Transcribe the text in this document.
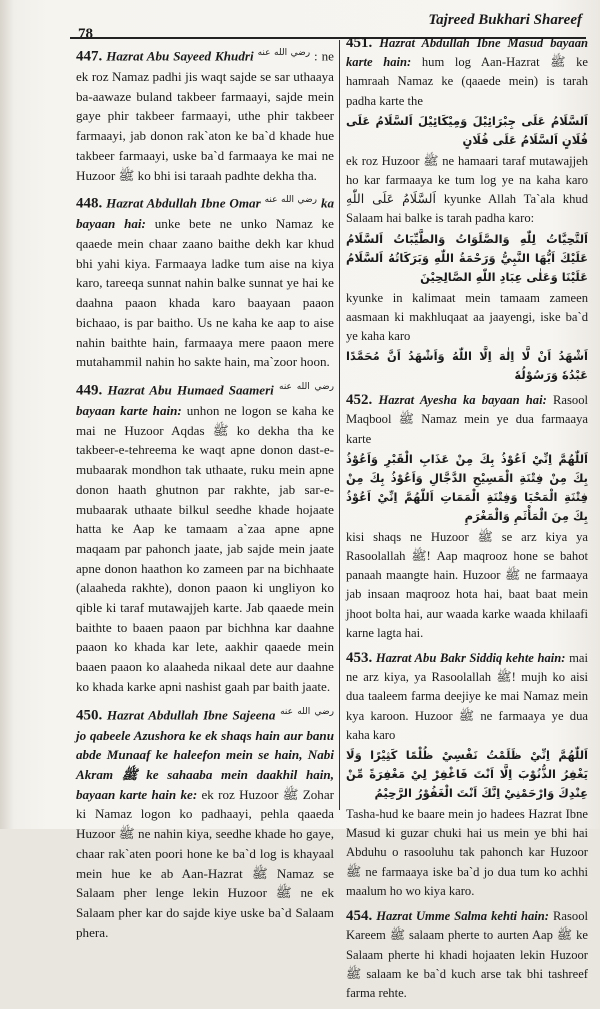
78
Tajreed Bukhari Shareef

447. Hazrat Abu Sayeed Khudri $^{رضي الله عنه}$ : ne ek roz Namaz padhi jis waqt sajde se sar uthaaya ba-aawaze buland takbeer farmaayi, sajde mein gaye phir takbeer farmaayi, uthe phir takbeer farmaayi, jab donon rak`aton ke ba`d khade hue takbeer farmaayi, uske ba`d farmaaya ke mai ne Huzoor ﷺ ko bhi isi taraah padhte dekha tha.

448. Hazrat Abdullah Ibne Omar $^{رضي الله عنه}$ ka bayaan hai: unke bete ne unko Namaz ke qaaede mein chaar zaano baithe dekh kar khud bhi yahi kiya. Farmaaya ladke tum aise na kiya karo, tareeqa sunnat nahin balke sunnat ye hai ke daahna paaon khada karo baayaan paaon bichaao, is par baitho. Us ne kaha ke aap to aise nahin baithte hain, farmaaya mere paaon mere mutahammil nahin ho sakte hain, ma`zoor hoon.

449. Hazrat Abu Humaed Saameri $^{رضي الله عنه}$ bayaan karte hain: unhon ne logon se kaha ke mai ne Huzoor Aqdas ﷺ ko dekha tha ke takbeer-e-tehreema ke waqt apne donon dast-e-mubaarak mondhon tak uthaate, ruku mein apne donon haath ghutnon par rakhte, jab sar-e-mubaarak uthaate bilkul seedhe khade hojaate hatta ke Aap ke tamaam a`zaa apne apne maqaam par pahonch jaate, jab sajde mein jaate apne donon haathon ko zameen par na bichhaate (alaaheda rakhte), donon paaon ki ungliyon ko qible ki taraf mutawajjeh karte. Jab qaaede mein baithte to baaen paaon par bichhna kar daahne paaon ko khada kar lete, aakhir qaaede mein baaen paaon ko alaaheda nikaal dete aur daahne ko khada karke apni nashist gaah par baith jaate.

450. Hazrat Abdullah Ibne Sajeena $^{رضي الله عنه}$ jo qabeele Azushora ke ek shaqs hain aur banu abde Munaaf ke haleefon mein se hain, Nabi Akram ﷺ ke sahaaba mein daakhil hain, bayaan karte hain ke: ek roz Huzoor ﷺ Zohar ki Namaz logon ko padhaayi, pehla qaaeda Huzoor ﷺ ne nahin kiya, seedhe khade ho gaye, chaar rak`aten poori hone ke ba`d log is khayaal mein hue ke ab Aan-Hazrat ﷺ Namaz se Salaam pher lenge lekin Huzoor ﷺ ne ek Salaam pher kar do sajde kiye uske ba`d Salaam phera.

451. Hazrat Abdullah Ibne Masud bayaan karte hain: hum log Aan-Hazrat ﷺ ke hamraah Namaz ke (qaaede mein) is tarah padha karte the

اَلسَّلَامُ عَلَى جِبْرَائِيْلَ وَمِيْكَائِيْلَ اَلسَّلَامُ عَلَى فُلَانٍ اَلسَّلَامُ عَلَى فُلَانٍ

ek roz Huzoor ﷺ ne hamaari taraf mutawajjeh ho kar farmaaya ke tum log ye na kaha karo اَلسَّلَامُ عَلَى اللّٰهِ kyunke Allah Ta`ala khud Salaam hai balke is tarah padha karo:

اَلتَّحِيَّاتُ لِلّٰهِ وَالصَّلَوَاتُ وَالطَّيِّبَاتُ اَلسَّلَامُ عَلَيْكَ اَيُّهَا النَّبِيُّ وَرَحْمَةُ اللّٰهِ وَبَرَكَاتُهُ اَلسَّلَامُ عَلَيْنَا وَعَلٰى عِبَادِ اللّٰهِ الصَّالِحِيْنَ

kyunke in kalimaat mein tamaam zameen aasmaan ki makhluqaat aa jaayengi, iske ba`d ye kaha karo

اَشْهَدُ اَنْ لَّا اِلٰهَ اِلَّا اللّٰهُ وَاَشْهَدُ اَنَّ مُحَمَّدًا عَبْدُهٗ وَرَسُوْلُهٗ

452. Hazrat Ayesha ka bayaan hai: Rasool Maqbool ﷺ Namaz mein ye dua farmaaya karte

اَللّٰهُمَّ اِنِّيْ اَعُوْذُ بِكَ مِنْ عَذَابِ الْقَبْرِ وَاَعُوْذُ بِكَ مِنْ فِتْنَةِ الْمَسِيْحِ الدَّجَّالِ وَاَعُوْذُ بِكَ مِنْ فِتْنَةِ الْمَحْيَا وَفِتْنَةِ الْمَمَاتِ اَللّٰهُمَّ اِنِّيْ اَعُوْذُ بِكَ مِنَ الْمَأْثَمِ وَالْمَغْرَمِ

kisi shaqs ne Huzoor ﷺ se arz kiya ya Rasoolallah ﷺ! Aap maqrooz hone se bahot panaah maangte hain. Huzoor ﷺ ne farmaaya jab insaan maqrooz hota hai, baat baat mein jhoot bolta hai, aur waada karke waada khilaafi karne lagta hai.

453. Hazrat Abu Bakr Siddiq kehte hain: mai ne arz kiya, ya Rasoolallah ﷺ! mujh ko aisi dua taaleem farma deejiye ke mai Namaz mein kya karoon. Huzoor ﷺ ne farmaaya ye dua kaha karo

اَللّٰهُمَّ اِنِّيْ ظَلَمْتُ نَفْسِيْ ظُلْمًا كَثِيْرًا وَلَا يَغْفِرُ الذُّنُوْبَ اِلَّا اَنْتَ فَاغْفِرْ لِيْ مَغْفِرَةً مِّنْ عِنْدِكَ وَارْحَمْنِيْ اِنَّكَ اَنْتَ الْغَفُوْرُ الرَّحِيْمُ

Tasha-hud ke baare mein jo hadees Hazrat Ibne Masud ki guzar chuki hai us mein ye bhi hai Abduhu o rasooluhu tak pahonch kar Huzoor ﷺ ne farmaaya iske ba`d jo dua tum ko achhi maalum ho wo kiya karo.

454. Hazrat Umme Salma kehti hain: Rasool Kareem ﷺ salaam pherte to aurten Aap ﷺ ke Salaam pherte hi khadi hojaaten lekin Huzoor ﷺ salaam ke ba`d kuch arse tak bhi tashreef farma rehte.
